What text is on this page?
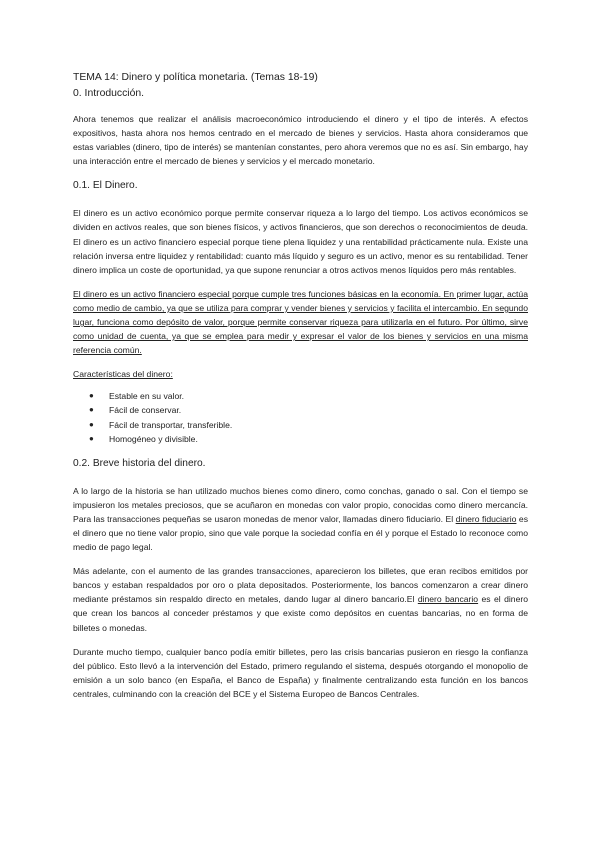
TEMA 14: Dinero y política monetaria. (Temas 18-19)

0. Introducción.

Ahora tenemos que realizar el análisis macroeconómico introduciendo el dinero y el tipo de interés. A efectos expositivos, hasta ahora nos hemos centrado en el mercado de bienes y servicios. Hasta ahora consideramos que estas variables (dinero, tipo de interés) se mantenían constantes, pero ahora veremos que no es así. Sin embargo, hay una interacción entre el mercado de bienes y servicios y el mercado monetario.

0.1. El Dinero.

El dinero es un activo económico porque permite conservar riqueza a lo largo del tiempo. Los activos económicos se dividen en activos reales, que son bienes físicos, y activos financieros, que son derechos o reconocimientos de deuda. El dinero es un activo financiero especial porque tiene plena liquidez y una rentabilidad prácticamente nula. Existe una relación inversa entre liquidez y rentabilidad: cuanto más líquido y seguro es un activo, menor es su rentabilidad. Tener dinero implica un coste de oportunidad, ya que supone renunciar a otros activos menos líquidos pero más rentables.

El dinero es un activo financiero especial porque cumple tres funciones básicas en la economía. En primer lugar, actúa como medio de cambio, ya que se utiliza para comprar y vender bienes y servicios y facilita el intercambio. En segundo lugar, funciona como depósito de valor, porque permite conservar riqueza para utilizarla en el futuro. Por último, sirve como unidad de cuenta, ya que se emplea para medir y expresar el valor de los bienes y servicios en una misma referencia común.

Características del dinero:

● Estable en su valor.
● Fácil de conservar.
● Fácil de transportar, transferible.
● Homogéneo y divisible.

0.2. Breve historia del dinero.

A lo largo de la historia se han utilizado muchos bienes como dinero, como conchas, ganado o sal. Con el tiempo se impusieron los metales preciosos, que se acuñaron en monedas con valor propio, conocidas como dinero mercancía. Para las transacciones pequeñas se usaron monedas de menor valor, llamadas dinero fiduciario. El dinero fiduciario es el dinero que no tiene valor propio, sino que vale porque la sociedad confía en él y porque el Estado lo reconoce como medio de pago legal.

Más adelante, con el aumento de las grandes transacciones, aparecieron los billetes, que eran recibos emitidos por bancos y estaban respaldados por oro o plata depositados. Posteriormente, los bancos comenzaron a crear dinero mediante préstamos sin respaldo directo en metales, dando lugar al dinero bancario.El dinero bancario es el dinero que crean los bancos al conceder préstamos y que existe como depósitos en cuentas bancarias, no en forma de billetes o monedas.

Durante mucho tiempo, cualquier banco podía emitir billetes, pero las crisis bancarias pusieron en riesgo la confianza del público. Esto llevó a la intervención del Estado, primero regulando el sistema, después otorgando el monopolio de emisión a un solo banco (en España, el Banco de España) y finalmente centralizando esta función en los bancos centrales, culminando con la creación del BCE y el Sistema Europeo de Bancos Centrales.
